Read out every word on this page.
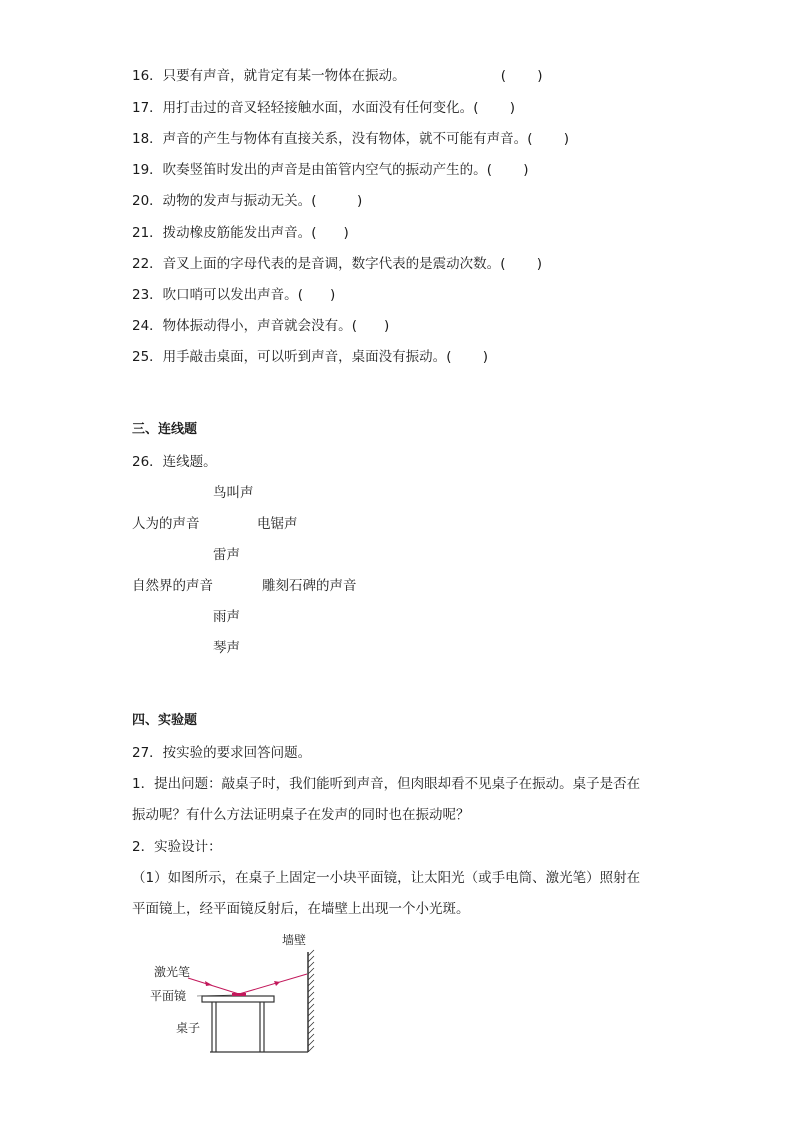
16．只要有声音，就肯定有某一物体在振动。	(　　 )
17．用打击过的音叉轻轻接触水面，水面没有任何变化。(　　 )
18．声音的产生与物体有直接关系，没有物体，就不可能有声音。(　　 )
19．吹奏竖笛时发出的声音是由笛管内空气的振动产生的。(　　 )
20．动物的发声与振动无关。(　　　)
21．拨动橡皮筋能发出声音。(　　)
22．音叉上面的字母代表的是音调，数字代表的是震动次数。(　　 )
23．吹口哨可以发出声音。(　　)
24．物体振动得小，声音就会没有。(　　)
25．用手敲击桌面，可以听到声音，桌面没有振动。(　　 )
三、连线题
26．连线题。
鸟叫声
人为的声音	电锯声
雷声
自然界的声音	雕刻石碑的声音
雨声
琴声
四、实验题
27．按实验的要求回答问题。
1．提出问题：敲桌子时，我们能听到声音，但肉眼却看不见桌子在振动。桌子是否在
振动呢？有什么方法证明桌子在发声的同时也在振动呢？
2．实验设计：
（1）如图所示，在桌子上固定一小块平面镜，让太阳光（或手电筒、激光笔）照射在
平面镜上，经平面镜反射后，在墙壁上出现一个小光斑。
墙壁
激光笔
平面镜
桌子
